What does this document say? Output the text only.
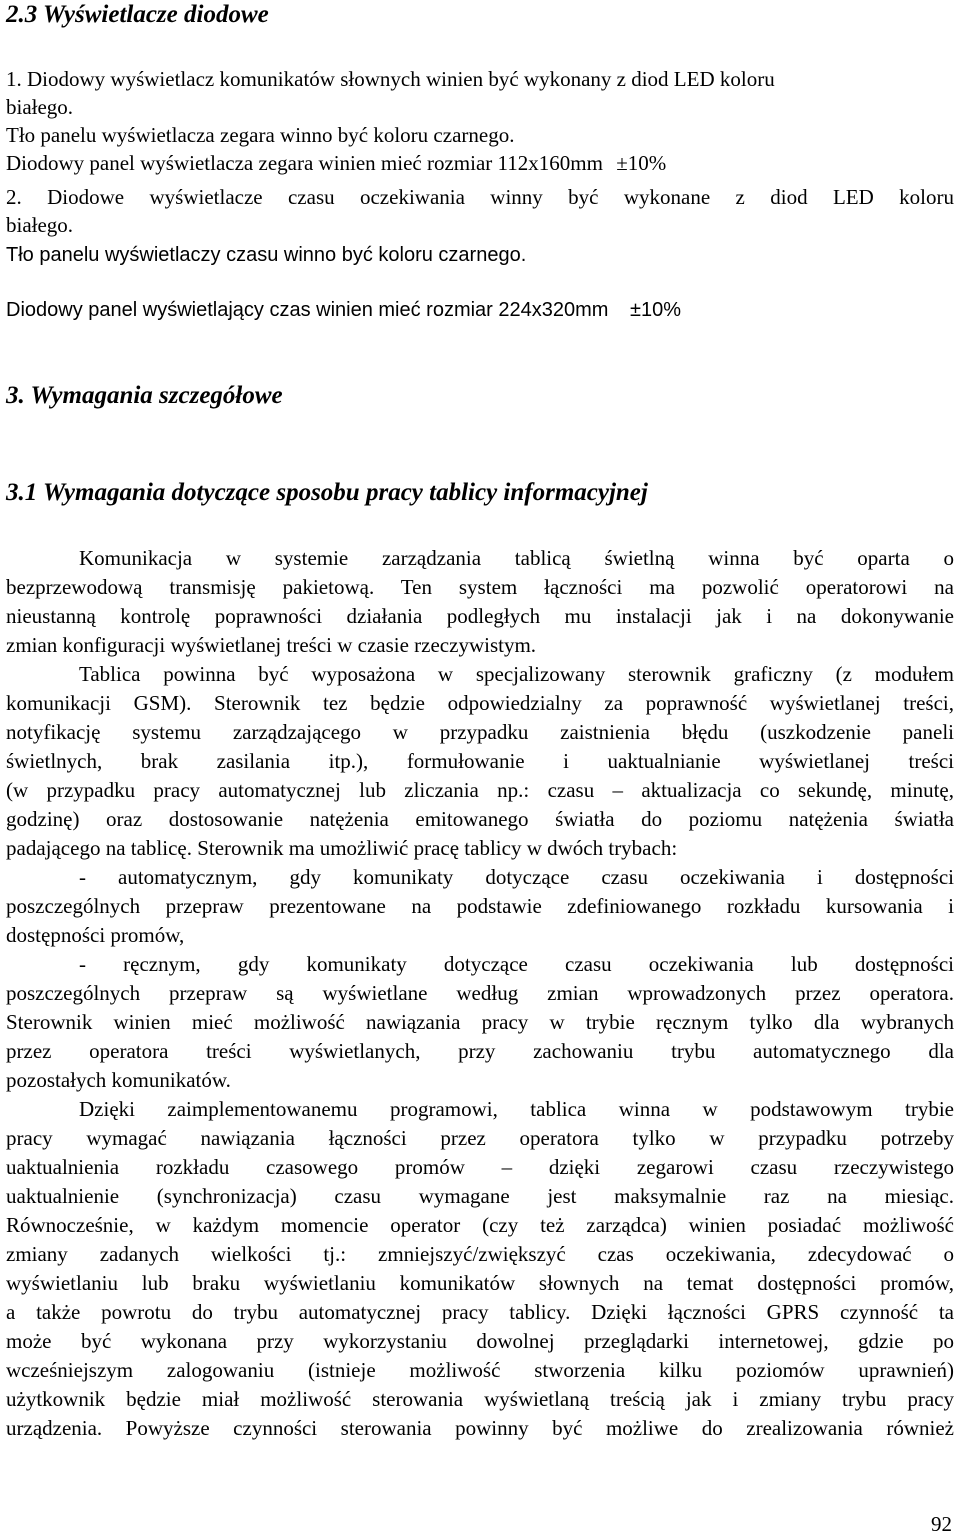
2.3 Wyświetlacze diodowe
1. Diodowy wyświetlacz komunikatów słownych winien być wykonany z diod LED koloru
białego.
Tło panelu wyświetlacza zegara winno być koloru czarnego.
Diodowy panel wyświetlacza zegara winien mieć rozmiar 112x160mm ±10%
2. Diodowe wyświetlacze czasu oczekiwania winny być wykonane z diod LED koloru
białego.
Tło panelu wyświetlaczy czasu winno być koloru czarnego.
Diodowy panel wyświetlający czas winien mieć rozmiar 224x320mm ±10%
3. Wymagania szczegółowe
3.1 Wymagania dotyczące sposobu pracy tablicy informacyjnej
Komunikacja w systemie zarządzania tablicą świetlną winna być oparta o
bezprzewodową transmisję pakietową. Ten system łączności ma pozwolić operatorowi na
nieustanną kontrolę poprawności działania podległych mu instalacji jak i na dokonywanie
zmian konfiguracji wyświetlanej treści w czasie rzeczywistym.
Tablica powinna być wyposażona w specjalizowany sterownik graficzny (z modułem
komunikacji GSM). Sterownik tez będzie odpowiedzialny za poprawność wyświetlanej treści,
notyfikację systemu zarządzającego w przypadku zaistnienia błędu (uszkodzenie paneli
świetlnych, brak zasilania itp.), formułowanie i uaktualnianie wyświetlanej treści
(w przypadku pracy automatycznej lub zliczania np.: czasu – aktualizacja co sekundę, minutę,
godzinę) oraz dostosowanie natężenia emitowanego światła do poziomu natężenia światła
padającego na tablicę. Sterownik ma umożliwić pracę tablicy w dwóch trybach:
- automatycznym, gdy komunikaty dotyczące czasu oczekiwania i dostępności
poszczególnych przepraw prezentowane na podstawie zdefiniowanego rozkładu kursowania i
dostępności promów,
- ręcznym, gdy komunikaty dotyczące czasu oczekiwania lub dostępności
poszczególnych przepraw są wyświetlane według zmian wprowadzonych przez operatora.
Sterownik winien mieć możliwość nawiązania pracy w trybie ręcznym tylko dla wybranych
przez operatora treści wyświetlanych, przy zachowaniu trybu automatycznego dla
pozostałych komunikatów.
Dzięki zaimplementowanemu programowi, tablica winna w podstawowym trybie
pracy wymagać nawiązania łączności przez operatora tylko w przypadku potrzeby
uaktualnienia rozkładu czasowego promów – dzięki zegarowi czasu rzeczywistego
uaktualnienie (synchronizacja) czasu wymagane jest maksymalnie raz na miesiąc.
Równocześnie, w każdym momencie operator (czy też zarządca) winien posiadać możliwość
zmiany zadanych wielkości tj.: zmniejszyć/zwiększyć czas oczekiwania, zdecydować o
wyświetlaniu lub braku wyświetlaniu komunikatów słownych na temat dostępności promów,
a także powrotu do trybu automatycznej pracy tablicy. Dzięki łączności GPRS czynność ta
może być wykonana przy wykorzystaniu dowolnej przeglądarki internetowej, gdzie po
wcześniejszym zalogowaniu (istnieje możliwość stworzenia kilku poziomów uprawnień)
użytkownik będzie miał możliwość sterowania wyświetlaną treścią jak i zmiany trybu pracy
urządzenia. Powyższe czynności sterowania powinny być możliwe do zrealizowania również
92
